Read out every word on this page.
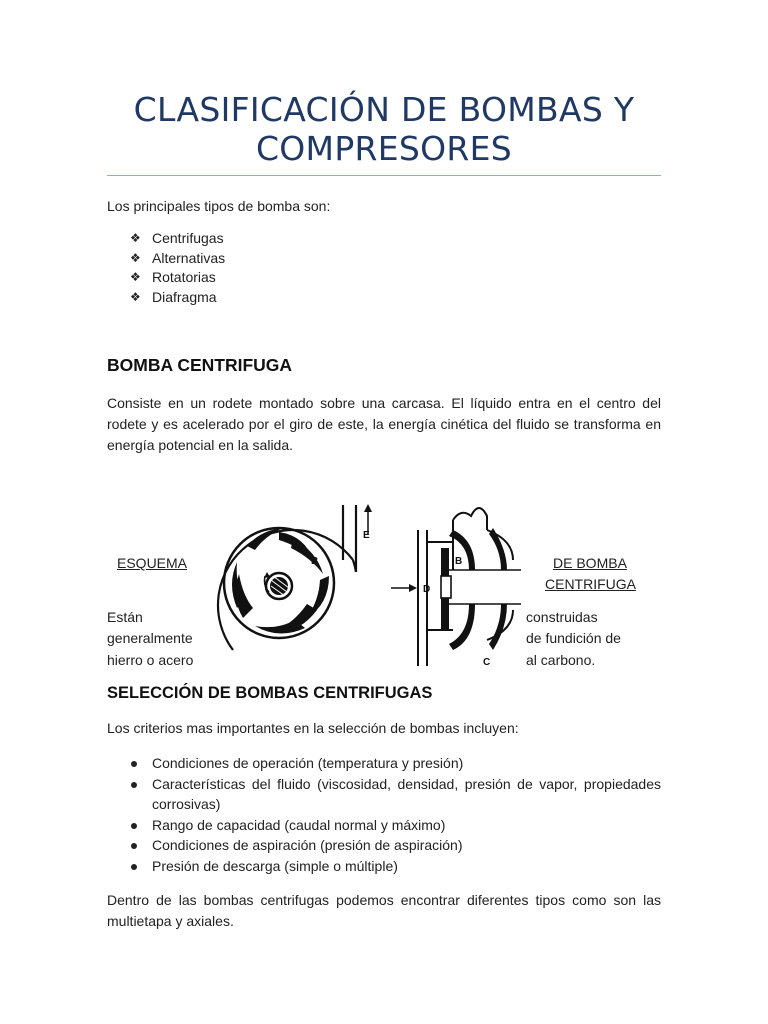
CLASIFICACIÓN DE BOMBAS Y COMPRESORES

Los principales tipos de bomba son:

❖ Centrifugas
❖ Alternativas
❖ Rotatorias
❖ Diafragma
BOMBA CENTRIFUGA

Consiste en un rodete montado sobre una carcasa. El líquido entra en el centro del rodete y es acelerado por el giro de este, la energía cinética del fluido se transforma en energía potencial en la salida.

ESQUEMA	DE BOMBA
CENTRIFUGA
Están
generalmente
hierro o acero
construidas
de fundición de
al carbono.
E
B
D
B
C
SELECCIÓN DE BOMBAS CENTRIFUGAS

Los criterios mas importantes en la selección de bombas incluyen:

Condiciones de operación (temperatura y presión)
Características del fluido (viscosidad, densidad, presión de vapor, propiedades corrosivas)
Rango de capacidad (caudal normal y máximo)
Condiciones de aspiración (presión de aspiración)
Presión de descarga (simple o múltiple)

Dentro de las bombas centrifugas podemos encontrar diferentes tipos como son las multietapa y axiales.
